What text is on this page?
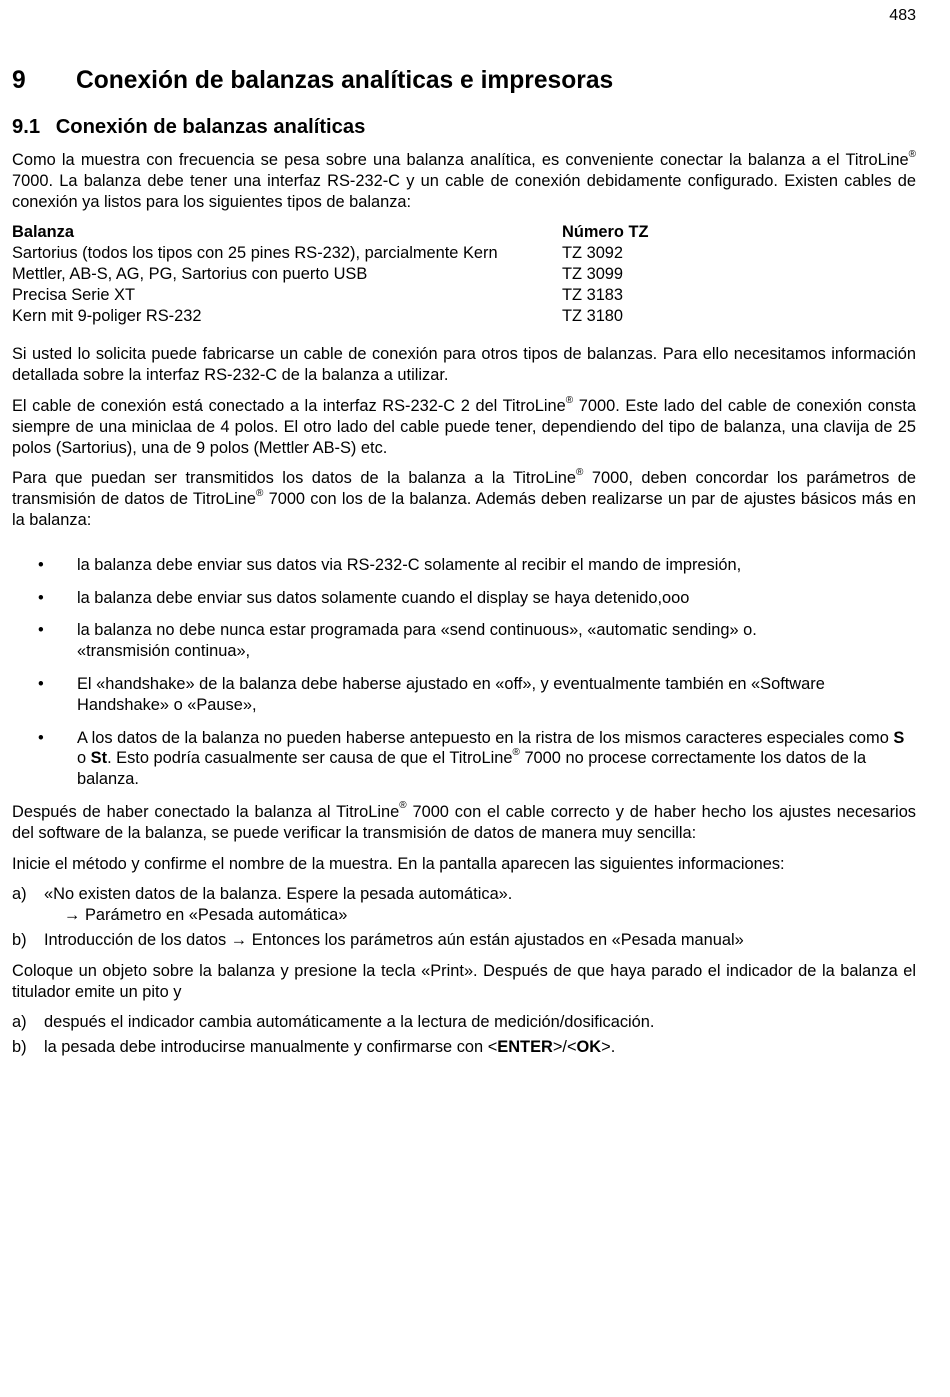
483
9	Conexión de balanzas analíticas e impresoras
9.1 Conexión de balanzas analíticas

Como la muestra con frecuencia se pesa sobre una balanza analítica, es conveniente conectar la balanza a el TitroLine® 7000. La balanza debe tener una interfaz RS-232-C y un cable de conexión debidamente configurado. Existen cables de conexión ya listos para los siguientes tipos de balanza:

Balanza	Número TZ
Sartorius (todos los tipos con 25 pines RS-232), parcialmente Kern	TZ 3092
Mettler, AB-S, AG, PG, Sartorius con puerto USB	TZ 3099
Precisa Serie XT	TZ 3183
Kern mit 9-poliger RS-232	TZ 3180

Si usted lo solicita puede fabricarse un cable de conexión para otros tipos de balanzas. Para ello necesitamos información detallada sobre la interfaz RS-232-C de la balanza a utilizar.

El cable de conexión está conectado a la interfaz RS-232-C 2 del TitroLine® 7000. Este lado del cable de conexión consta siempre de una miniclaa de 4 polos. El otro lado del cable puede tener, dependiendo del tipo de balanza, una clavija de 25 polos (Sartorius), una de 9 polos (Mettler AB-S) etc.

Para que puedan ser transmitidos los datos de la balanza a la TitroLine® 7000, deben concordar los parámetros de transmisión de datos de TitroLine® 7000 con los de la balanza. Además deben realizarse un par de ajustes básicos más en la balanza:

• la balanza debe enviar sus datos via RS-232-C solamente al recibir el mando de impresión,
• la balanza debe enviar sus datos solamente cuando el display se haya detenido,ooo
• la balanza no debe nunca estar programada para «send continuous», «automatic sending» o.
«transmisión continua»,
• El «handshake» de la balanza debe haberse ajustado en «off», y eventualmente también en «Software Handshake» o «Pause»,
• A los datos de la balanza no pueden haberse antepuesto en la ristra de los mismos caracteres especiales como S o St. Esto podría casualmente ser causa de que el TitroLine® 7000 no procese correctamente los datos de la balanza.

Después de haber conectado la balanza al TitroLine® 7000 con el cable correcto y de haber hecho los ajustes necesarios del software de la balanza, se puede verificar la transmisión de datos de manera muy sencilla:

Inicie el método y confirme el nombre de la muestra. En la pantalla aparecen las siguientes informaciones:

a)	«No existen datos de la balanza. Espere la pesada automática».
→ Parámetro en «Pesada automática»
b)	Introducción de los datos → Entonces los parámetros aún están ajustados en «Pesada manual»

Coloque un objeto sobre la balanza y presione la tecla «Print». Después de que haya parado el indicador de la balanza el titulador emite un pito y

a)	después el indicador cambia automáticamente a la lectura de medición/dosificación.
b)	la pesada debe introducirse manualmente y confirmarse con <ENTER>/<OK>.
